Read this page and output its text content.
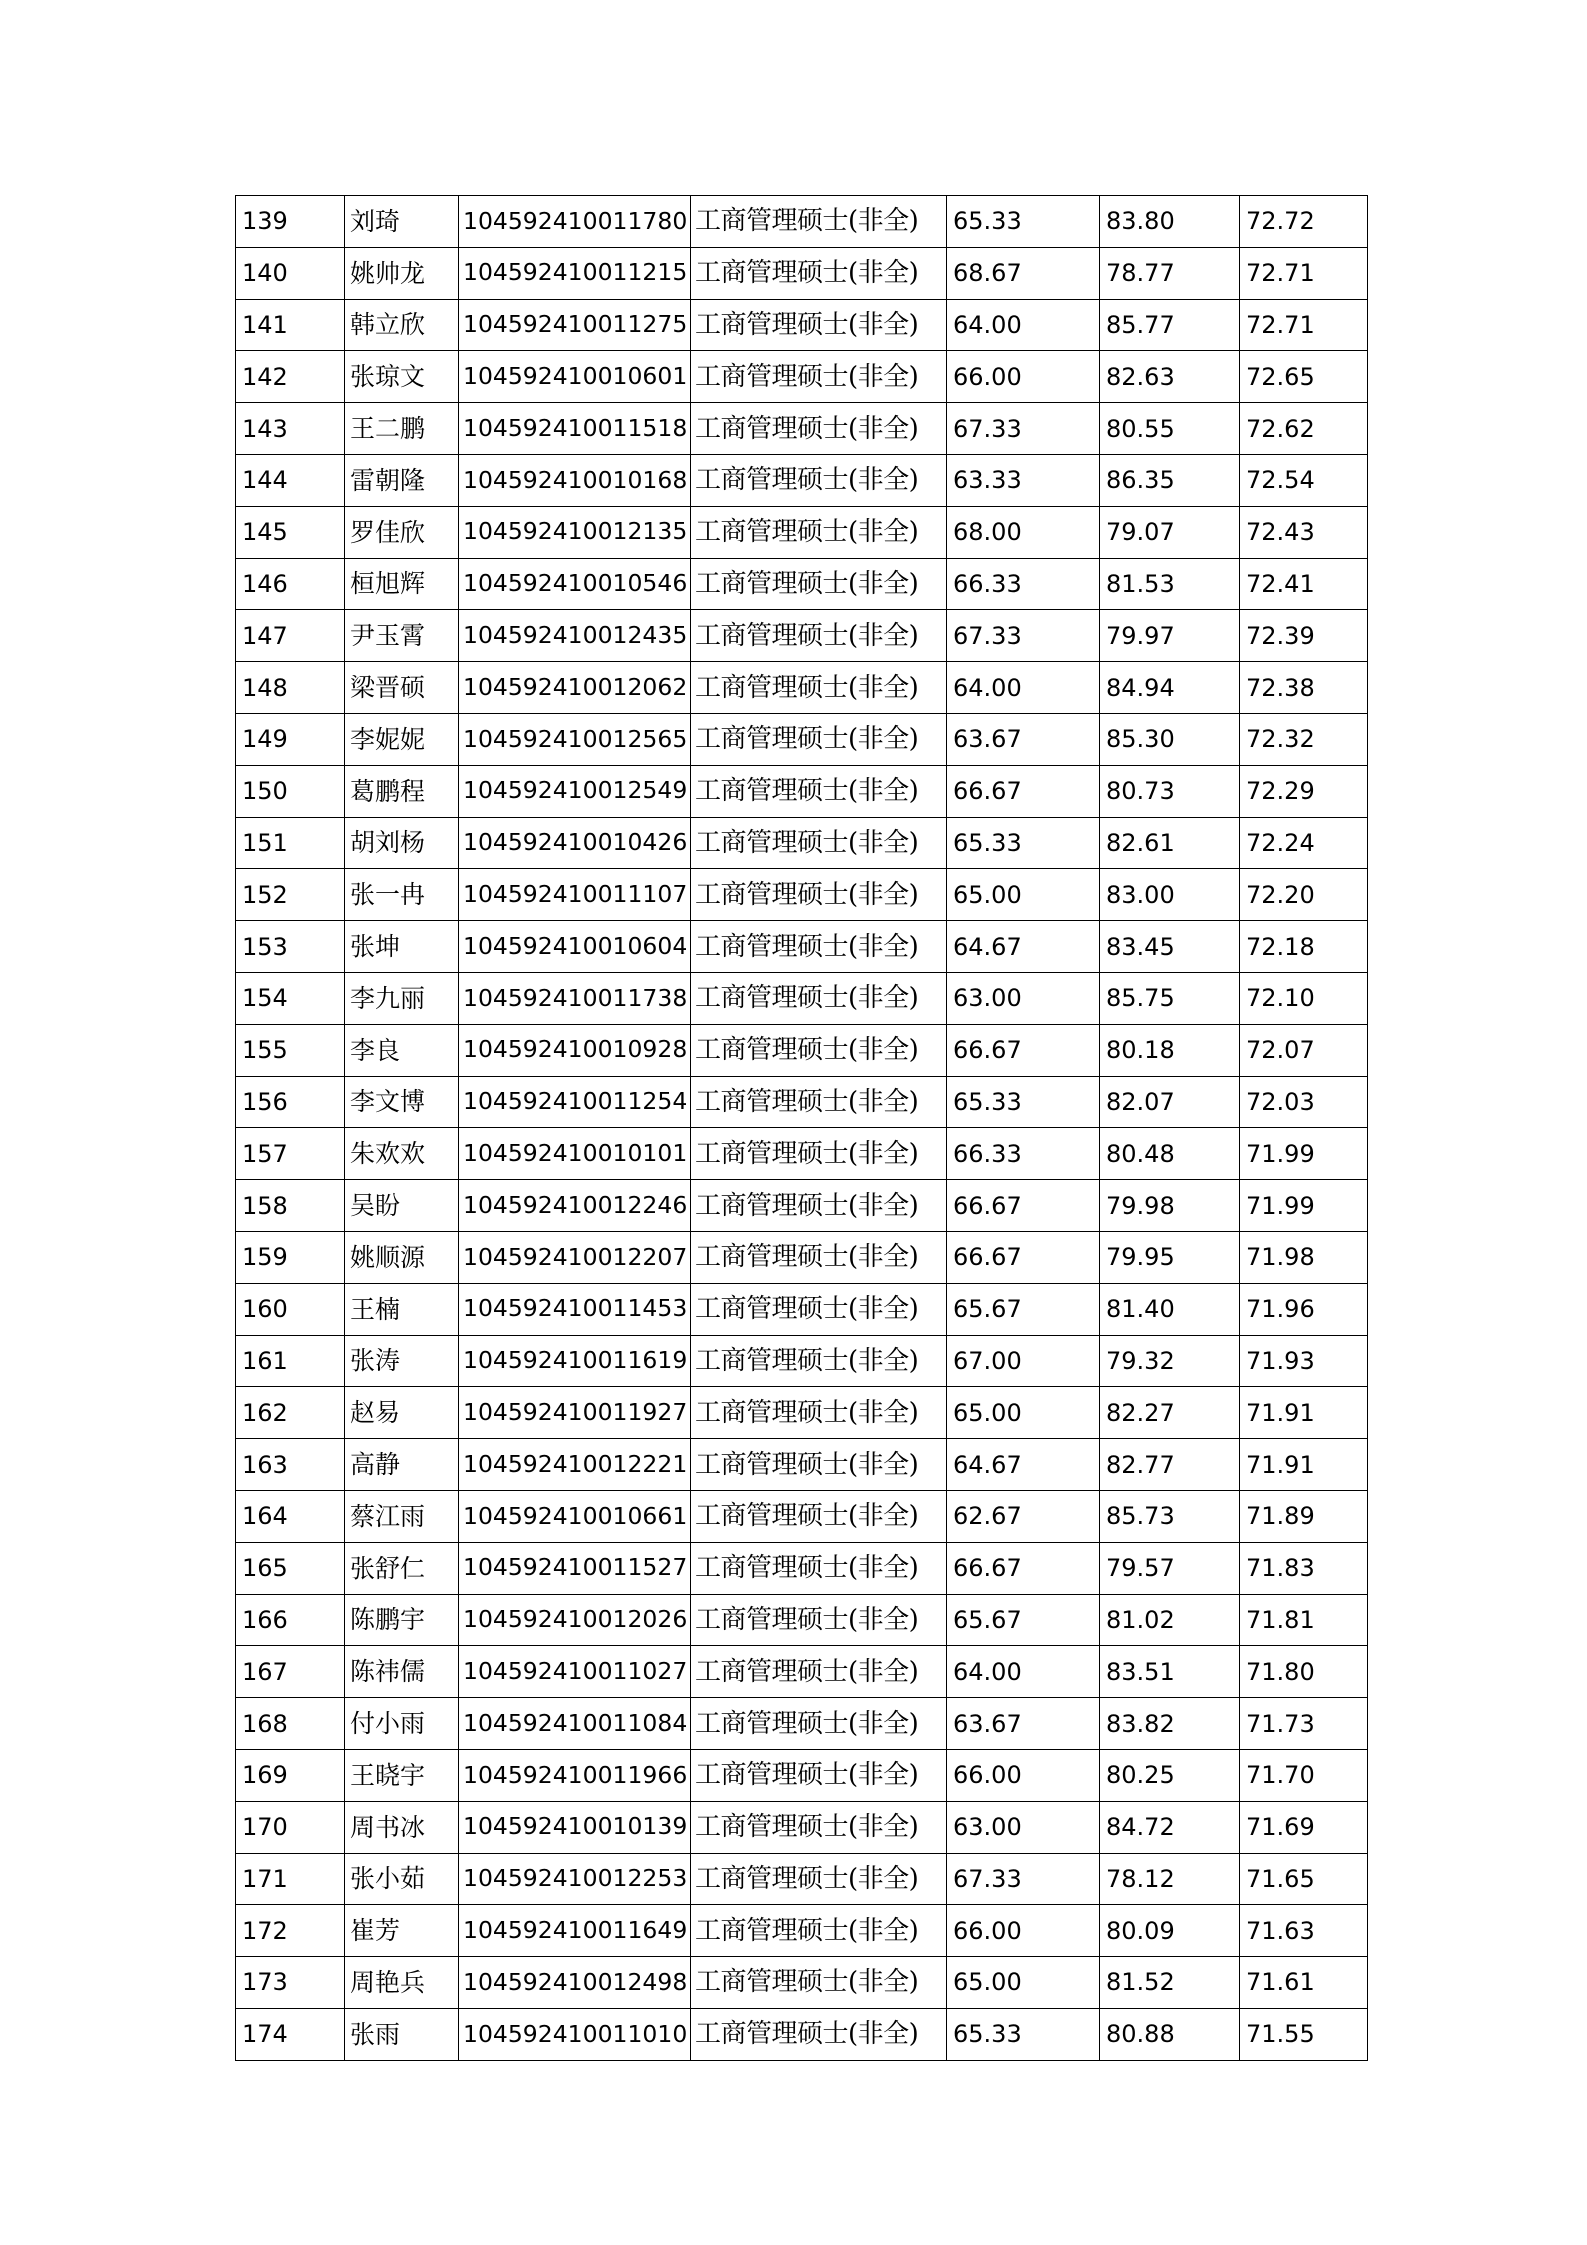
139	刘琦	104592410011780	工商管理硕士(非全)	65.33	83.80	72.72
140	姚帅龙	104592410011215	工商管理硕士(非全)	68.67	78.77	72.71
141	韩立欣	104592410011275	工商管理硕士(非全)	64.00	85.77	72.71
142	张琼文	104592410010601	工商管理硕士(非全)	66.00	82.63	72.65
143	王二鹏	104592410011518	工商管理硕士(非全)	67.33	80.55	72.62
144	雷朝隆	104592410010168	工商管理硕士(非全)	63.33	86.35	72.54
145	罗佳欣	104592410012135	工商管理硕士(非全)	68.00	79.07	72.43
146	桓旭辉	104592410010546	工商管理硕士(非全)	66.33	81.53	72.41
147	尹玉霄	104592410012435	工商管理硕士(非全)	67.33	79.97	72.39
148	梁晋硕	104592410012062	工商管理硕士(非全)	64.00	84.94	72.38
149	李妮妮	104592410012565	工商管理硕士(非全)	63.67	85.30	72.32
150	葛鹏程	104592410012549	工商管理硕士(非全)	66.67	80.73	72.29
151	胡刘杨	104592410010426	工商管理硕士(非全)	65.33	82.61	72.24
152	张一冉	104592410011107	工商管理硕士(非全)	65.00	83.00	72.20
153	张坤	104592410010604	工商管理硕士(非全)	64.67	83.45	72.18
154	李九丽	104592410011738	工商管理硕士(非全)	63.00	85.75	72.10
155	李良	104592410010928	工商管理硕士(非全)	66.67	80.18	72.07
156	李文博	104592410011254	工商管理硕士(非全)	65.33	82.07	72.03
157	朱欢欢	104592410010101	工商管理硕士(非全)	66.33	80.48	71.99
158	吴盼	104592410012246	工商管理硕士(非全)	66.67	79.98	71.99
159	姚顺源	104592410012207	工商管理硕士(非全)	66.67	79.95	71.98
160	王楠	104592410011453	工商管理硕士(非全)	65.67	81.40	71.96
161	张涛	104592410011619	工商管理硕士(非全)	67.00	79.32	71.93
162	赵易	104592410011927	工商管理硕士(非全)	65.00	82.27	71.91
163	高静	104592410012221	工商管理硕士(非全)	64.67	82.77	71.91
164	蔡江雨	104592410010661	工商管理硕士(非全)	62.67	85.73	71.89
165	张舒仁	104592410011527	工商管理硕士(非全)	66.67	79.57	71.83
166	陈鹏宇	104592410012026	工商管理硕士(非全)	65.67	81.02	71.81
167	陈祎儒	104592410011027	工商管理硕士(非全)	64.00	83.51	71.80
168	付小雨	104592410011084	工商管理硕士(非全)	63.67	83.82	71.73
169	王晓宇	104592410011966	工商管理硕士(非全)	66.00	80.25	71.70
170	周书冰	104592410010139	工商管理硕士(非全)	63.00	84.72	71.69
171	张小茹	104592410012253	工商管理硕士(非全)	67.33	78.12	71.65
172	崔芳	104592410011649	工商管理硕士(非全)	66.00	80.09	71.63
173	周艳兵	104592410012498	工商管理硕士(非全)	65.00	81.52	71.61
174	张雨	104592410011010	工商管理硕士(非全)	65.33	80.88	71.55
